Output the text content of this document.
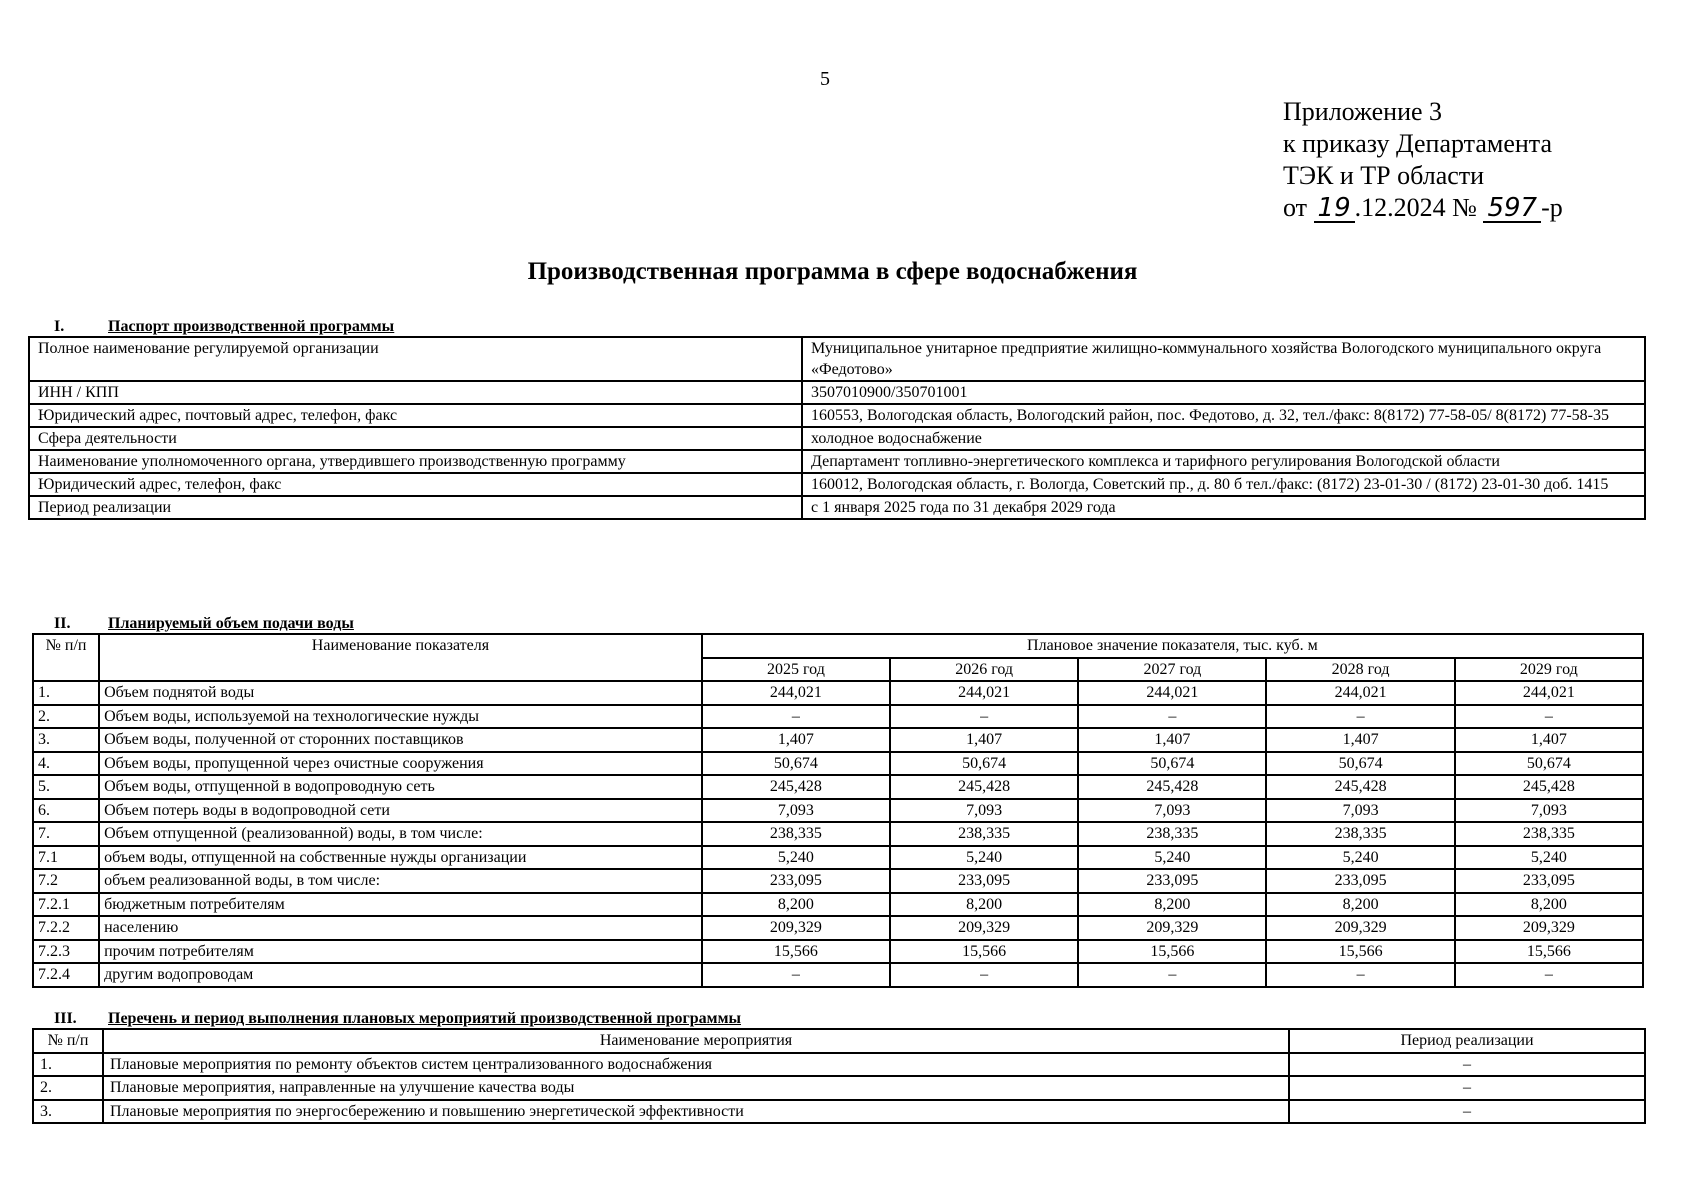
5
Приложение 3
к приказу Департамента
ТЭК и ТР области
от 19 .12.2024 № 597 -р
Производственная программа в сфере водоснабжения
I.	Паспорт производственной программы
Полное наименование регулируемой организации	Муниципальное унитарное предприятие жилищно-коммунального хозяйства Вологодского муниципального округа «Федотово»
ИНН / КПП	3507010900/350701001
Юридический адрес, почтовый адрес, телефон, факс	160553, Вологодская область, Вологодский район, пос. Федотово, д. 32, тел./факс: 8(8172) 77-58-05/ 8(8172) 77-58-35
Сфера деятельности	холодное водоснабжение
Наименование уполномоченного органа, утвердившего производственную программу	Департамент топливно-энергетического комплекса и тарифного регулирования Вологодской области
Юридический адрес, телефон, факс	160012, Вологодская область, г. Вологда, Советский пр., д. 80 б тел./факс: (8172) 23-01-30 / (8172) 23-01-30 доб. 1415
Период реализации	с 1 января 2025 года по 31 декабря 2029 года
II. Планируемый объем подачи воды
№ п/п	Наименование показателя	Плановое значение показателя, тыс. куб. м				
		2025 год	2026 год	2027 год	2028 год	2029 год
1.	Объем поднятой воды	244,021	244,021	244,021	244,021	244,021
2.	Объем воды, используемой на технологические нужды	–	–	–	–	–
3.	Объем воды, полученной от сторонних поставщиков	1,407	1,407	1,407	1,407	1,407
4.	Объем воды, пропущенной через очистные сооружения	50,674	50,674	50,674	50,674	50,674
5.	Объем воды, отпущенной в водопроводную сеть	245,428	245,428	245,428	245,428	245,428
6.	Объем потерь воды в водопроводной сети	7,093	7,093	7,093	7,093	7,093
7.	Объем отпущенной (реализованной) воды, в том числе:	238,335	238,335	238,335	238,335	238,335
7.1	объем воды, отпущенной на собственные нужды организации	5,240	5,240	5,240	5,240	5,240
7.2	объем реализованной воды, в том числе:	233,095	233,095	233,095	233,095	233,095
7.2.1	бюджетным потребителям	8,200	8,200	8,200	8,200	8,200
7.2.2	населению	209,329	209,329	209,329	209,329	209,329
7.2.3	прочим потребителям	15,566	15,566	15,566	15,566	15,566
7.2.4	другим водопроводам	–	–	–	–	–
III. Перечень и период выполнения плановых мероприятий производственной программы
№ п/п	Наименование мероприятия	Период реализации
1.	Плановые мероприятия по ремонту объектов систем централизованного водоснабжения	–
2.	Плановые мероприятия, направленные на улучшение качества воды	–
3.	Плановые мероприятия по энергосбережению и повышению энергетической эффективности	–
